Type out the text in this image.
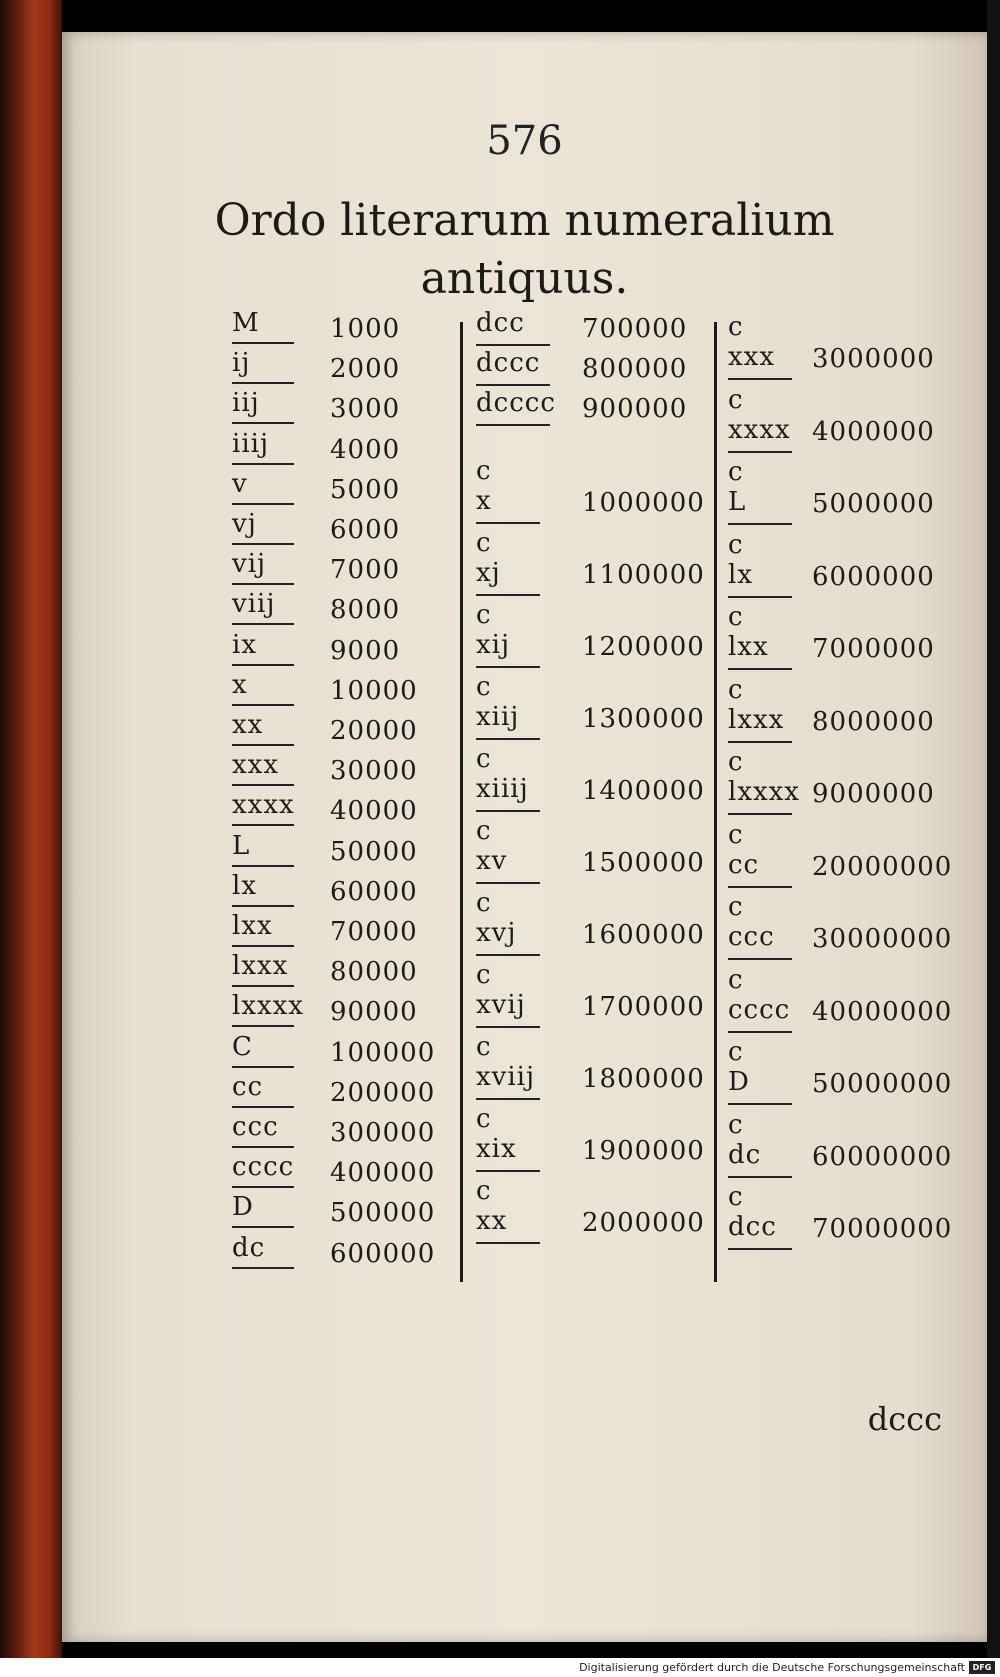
576
Ordo literarum numeralium
antiquus.
M	1000
ij	2000
iij	3000
iiij 4000
v	5000
vj	6000
vij 7000
viij 8000
ix	9000
x	10000
xx	20000
xxx 30000
xxxx 40000
L	50000
lx	60000
lxx 70000
lxxx 80000
lxxxx 90000
C	100000
cc	200000
ccc 300000
cccc 400000
D	500000
dc 600000
dcc 700000
dccc 800000
dcccc 900000
c
x	1000000
c
xj	1100000
c
xij	1200000
c
xiij 1300000
c
xiiij 1400000
c
xv	1500000
c
xvj	1600000
c
xvij 1700000
c
xviij 1800000
c
xix	1900000
c
xx	2000000
c
xxx 3000000
c
xxxx 4000000
c
L	5000000
c
lx 6000000
c
lxx 7000000
c
lxxx 8000000
c
lxxxx 9000000
c
cc 20000000
c
ccc 30000000
c
cccc 40000000
c
D 50000000
c
dc 60000000
c
dcc 70000000
dccc
Digitalisierung gefördert durch die Deutsche Forschungsgemeinschaft DFG
